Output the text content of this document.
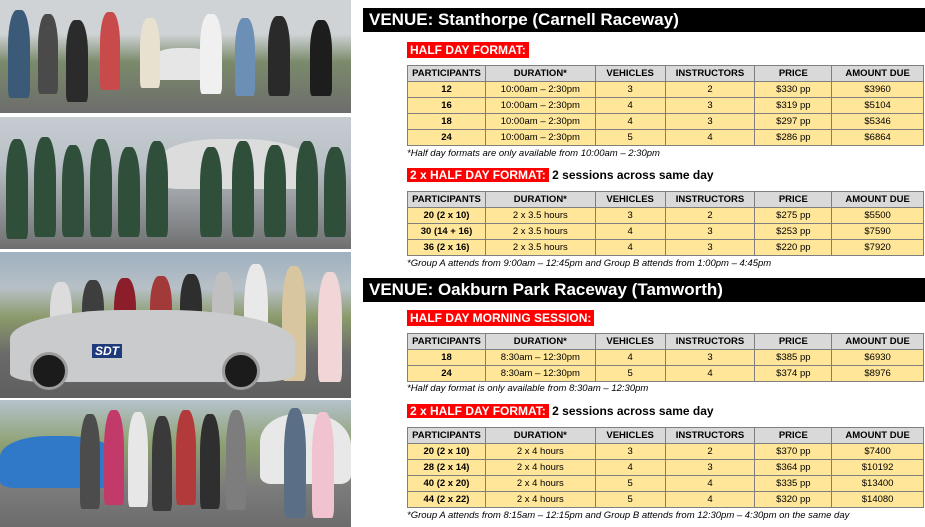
SDT
VENUE: Stanthorpe (Carnell Raceway)
HALF DAY FORMAT:
PARTICIPANTS	DURATION*	VEHICLES	INSTRUCTORS	PRICE	AMOUNT DUE
12	10:00am – 2:30pm	3	2	$330 pp	$3960
16	10:00am – 2:30pm	4	3	$319 pp	$5104
18	10:00am – 2:30pm	4	3	$297 pp	$5346
24	10:00am – 2:30pm	5	4	$286 pp	$6864
*Half day formats are only available from 10:00am – 2:30pm
2 x HALF DAY FORMAT: 2 sessions across same day
PARTICIPANTS	DURATION*	VEHICLES	INSTRUCTORS	PRICE	AMOUNT DUE
20 (2 x 10)	2 x 3.5 hours	3	2	$275 pp	$5500
30 (14 + 16)	2 x 3.5 hours	4	3	$253 pp	$7590
36 (2 x 16)	2 x 3.5 hours	4	3	$220 pp	$7920
*Group A attends from 9:00am – 12:45pm and Group B attends from 1:00pm – 4:45pm
VENUE: Oakburn Park Raceway (Tamworth)
HALF DAY MORNING SESSION:
PARTICIPANTS	DURATION*	VEHICLES	INSTRUCTORS	PRICE	AMOUNT DUE
18	8:30am – 12:30pm	4	3	$385 pp	$6930
24	8:30am – 12:30pm	5	4	$374 pp	$8976
*Half day format is only available from 8:30am – 12:30pm
2 x HALF DAY FORMAT: 2 sessions across same day
PARTICIPANTS	DURATION*	VEHICLES	INSTRUCTORS	PRICE	AMOUNT DUE
20 (2 x 10)	2 x 4 hours	3	2	$370 pp	$7400
28 (2 x 14)	2 x 4 hours	4	3	$364 pp	$10192
40 (2 x 20)	2 x 4 hours	5	4	$335 pp	$13400
44 (2 x 22)	2 x 4 hours	5	4	$320 pp	$14080
*Group A attends from 8:15am – 12:15pm and Group B attends from 12:30pm – 4:30pm on the same day
